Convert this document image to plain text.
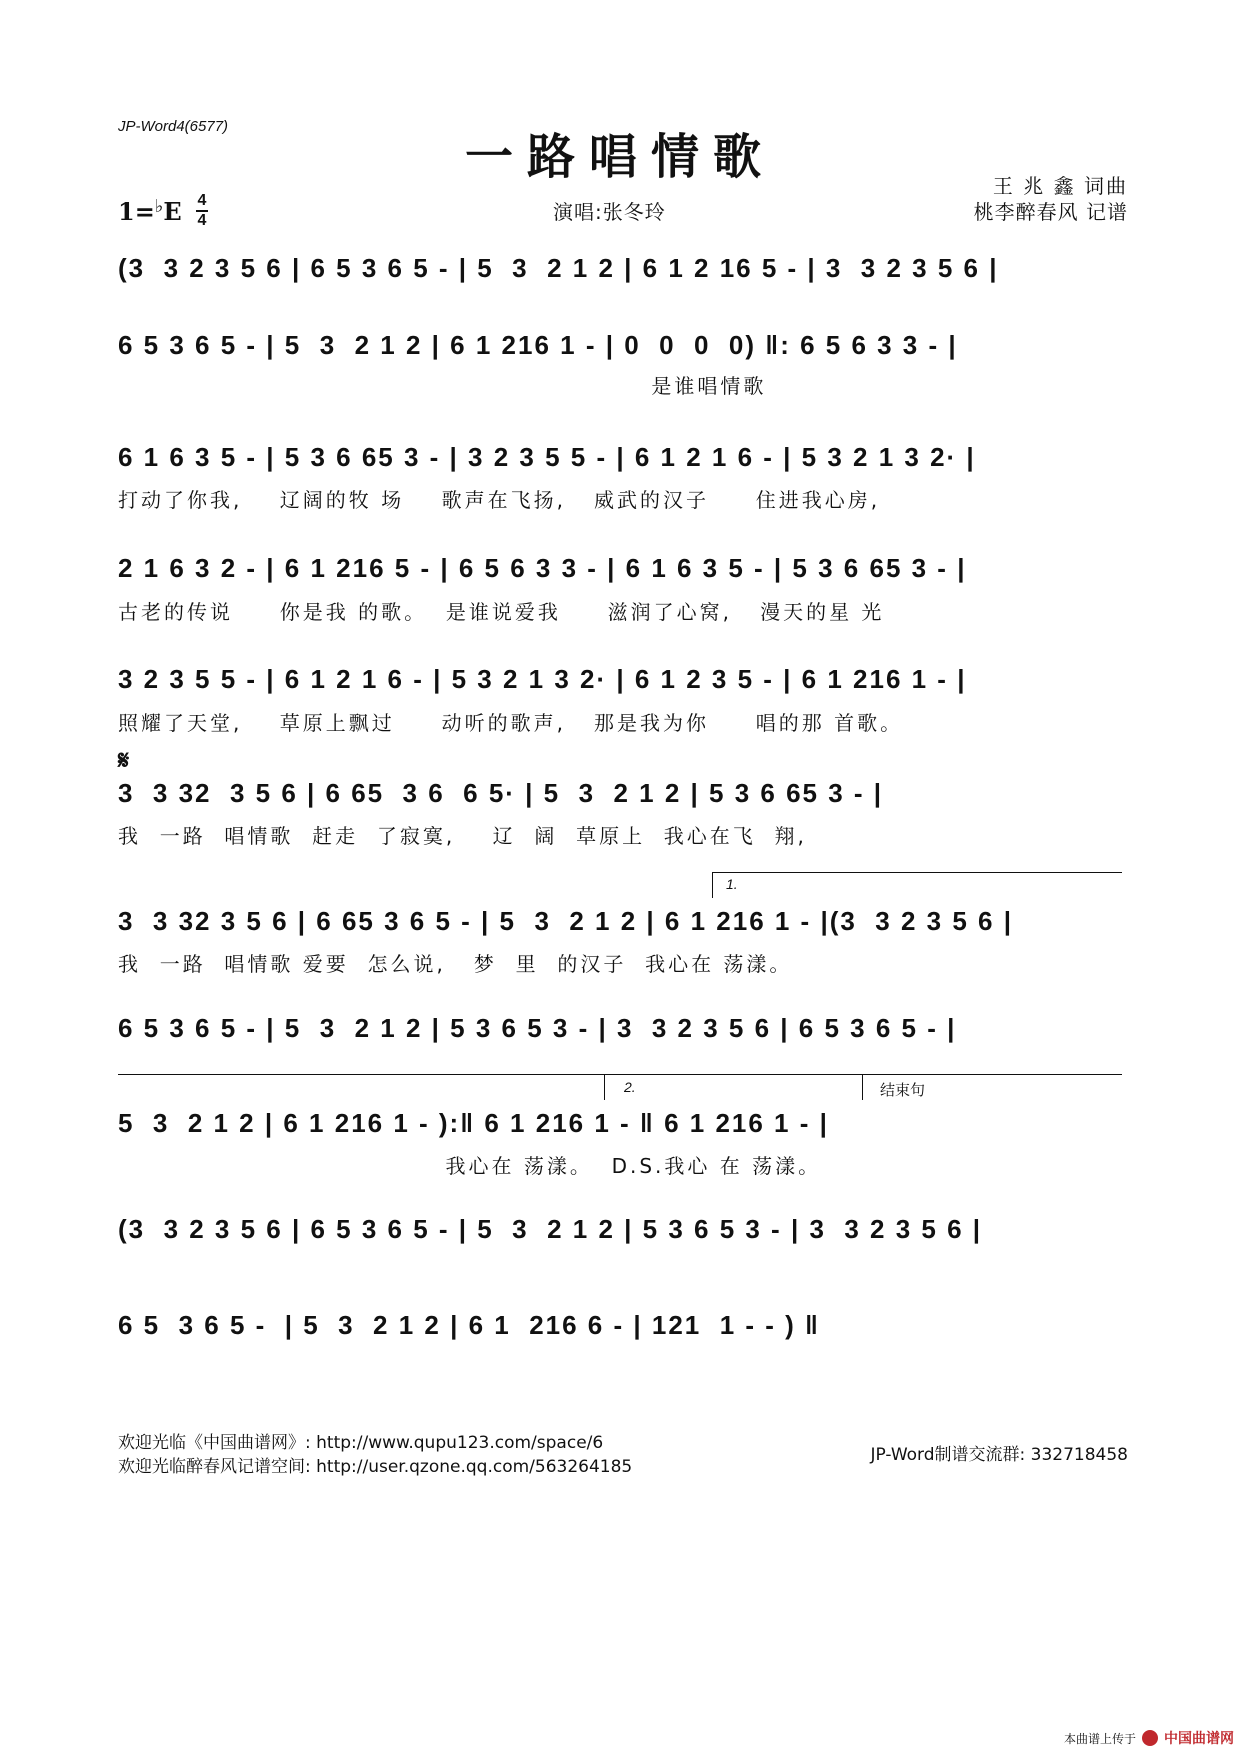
JP-Word4(6577)
一路唱情歌
王 兆 鑫 词曲
桃李醉春风 记谱
演唱:张冬玲
1=♭E 4
4
(3  3 2 3 5 6 | 6 5 3 6 5 - | 5  3  2 1 2 | 6 1 2 16 5 - | 3  3 2 3 5 6 |
6 5 3 6 5 - | 5  3  2 1 2 | 6 1 216 1 - | 0  0  0  0) ‖: 6 5 6 3 3 - |
是谁唱情歌
6 1 6 3 5 - | 5 3 6 65 3 - | 3 2 3 5 5 - | 6 1 2 1 6 - | 5 3 2 1 3 2· |
打动了你我,    辽阔的牧 场    歌声在飞扬,   威武的汉子     住进我心房,
2 1 6 3 2 - | 6 1 216 5 - | 6 5 6 3 3 - | 6 1 6 3 5 - | 5 3 6 65 3 - |
古老的传说     你是我 的歌。  是谁说爱我     滋润了心窝,   漫天的星 光
3 2 3 5 5 - | 6 1 2 1 6 - | 5 3 2 1 3 2· | 6 1 2 3 5 - | 6 1 216 1 - |
照耀了天堂,    草原上飘过     动听的歌声,   那是我为你     唱的那 首歌。
𝄋
3  3 32  3 5 6 | 6 65  3 6  6 5· | 5  3  2 1 2 | 5 3 6 65 3 - |
我  一路  唱情歌  赶走  了寂寞,    辽  阔  草原上  我心在飞  翔,
1.
3  3 32 3 5 6 | 6 65 3 6 5 - | 5  3  2 1 2 | 6 1 216 1 - |(3  3 2 3 5 6 |
我  一路  唱情歌 爱要  怎么说,   梦  里  的汉子  我心在 荡漾。
6 5 3 6 5 - | 5  3  2 1 2 | 5 3 6 5 3 - | 3  3 2 3 5 6 | 6 5 3 6 5 - |
2.	结束句
5  3  2 1 2 | 6 1 216 1 - ):‖ 6 1 216 1 - ‖ 6 1 216 1 - |
我心在 荡漾。  D.S.我心 在 荡漾。
(3  3 2 3 5 6 | 6 5 3 6 5 - | 5  3  2 1 2 | 5 3 6 5 3 - | 3  3 2 3 5 6 |
6 5  3 6 5 -  | 5  3  2 1 2 | 6 1  216 6 - | 121  1 - - ) ‖
欢迎光临《中国曲谱网》: http://www.qupu123.com/space/6
欢迎光临醉春风记谱空间: http://user.qzone.qq.com/563264185
JP-Word制谱交流群: 332718458
本曲谱上传于 中国曲谱网
